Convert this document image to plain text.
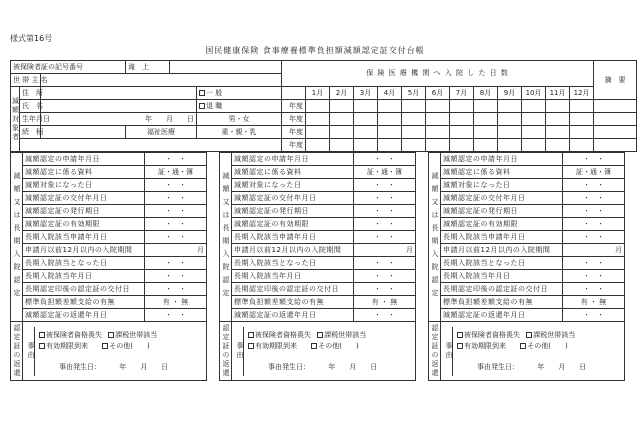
様式第16号
国民健康保険 食事療養標準負担額減額認定証交付台帳
被保険者証の記号番号			滝　上			保 険 医 療 機 関 へ 入 院 し た 日 数													摘　要
世 帯 主 名																			
減額対象者	住　所				一 般		1月	2月	3月	4月	5月	6月	7月	8月	9月	10月	11月	12月	
	氏　名				退 職	年度													
	生年月日	年　　月　　日			男・女	年度													
	続　柄		福祉医療		重・親・乳	年度													
						年度													
減額又は長期入院認定	減額認定の申請年月日	・　・
	減額認定に係る資料	証・通・簿
	減額対象になった日	・　・
	減額認定証の交付年月日	・　・
	減額認定証の発行期日	・　・
	減額認定証の有効期限	・　・
	長期入院該当申請年月日	・　・
	申請月以前12月以内の入院期間	月
	長期入院該当となった日	・　・
	長期入院該当年月日	・　・
	長期認定印後の認定証の交付日	・　・
	標準負担額差額支給の有無	有 ・ 無
	減額認定証の返還年月日	・　・
認定証の返還	事由
被保険者資格喪失 課税世帯該当
有効期限到来 その他(　　)
事由発生日： 年　　月　　日	
減額又は長期入院認定	減額認定の申請年月日	・　・
	減額認定に係る資料	証・通・簿
	減額対象になった日	・　・
	減額認定証の交付年月日	・　・
	減額認定証の発行期日	・　・
	減額認定証の有効期限	・　・
	長期入院該当申請年月日	・　・
	申請月以前12月以内の入院期間	月
	長期入院該当となった日	・　・
	長期入院該当年月日	・　・
	長期認定印後の認定証の交付日	・　・
	標準負担額差額支給の有無	有 ・ 無
	減額認定証の返還年月日	・　・
認定証の返還	事由
被保険者資格喪失 課税世帯該当
有効期限到来 その他(　　)
事由発生日： 年　　月　　日	
減額又は長期入院認定	減額認定の申請年月日	・　・
	減額認定に係る資料	証・通・簿
	減額対象になった日	・　・
	減額認定証の交付年月日	・　・
	減額認定証の発行期日	・　・
	減額認定証の有効期限	・　・
	長期入院該当申請年月日	・　・
	申請月以前12月以内の入院期間	月
	長期入院該当となった日	・　・
	長期入院該当年月日	・　・
	長期認定印後の認定証の交付日	・　・
	標準負担額差額支給の有無	有 ・ 無
	減額認定証の返還年月日	・　・
認定証の返還	事由
被保険者資格喪失 課税世帯該当
有効期限到来 その他(　　)
事由発生日： 年　　月　　日	
